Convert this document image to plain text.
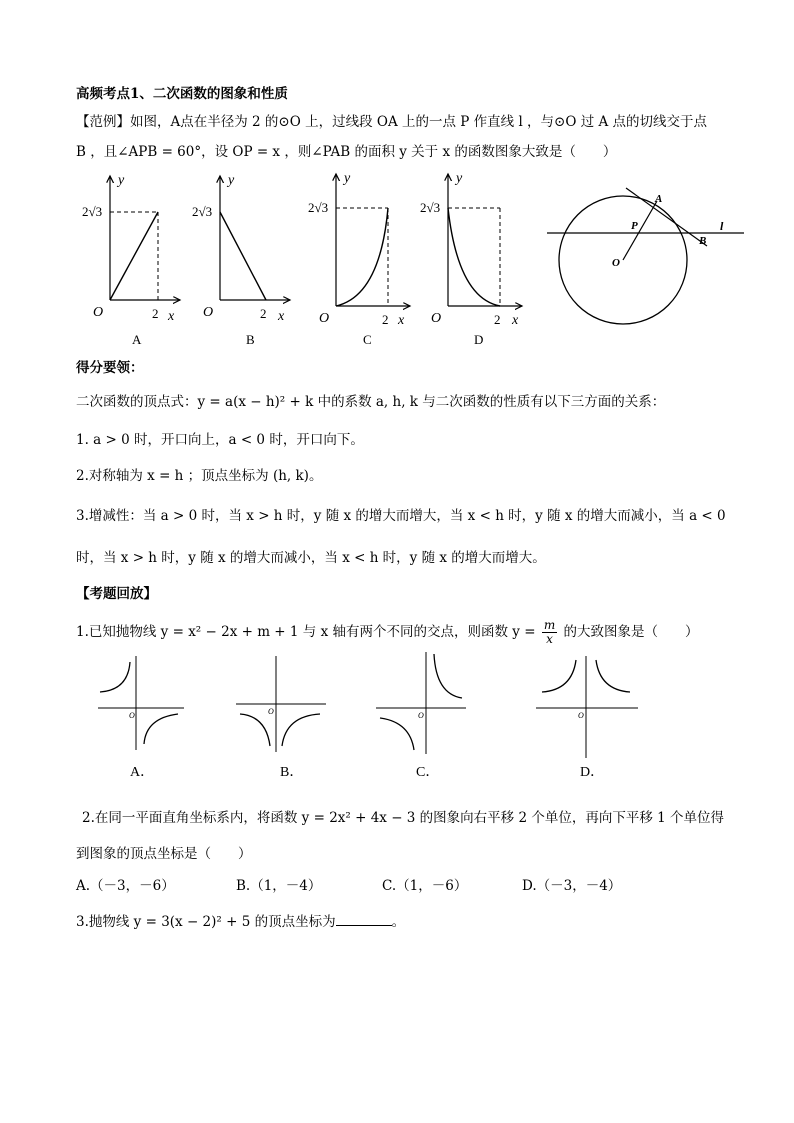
高频考点1、二次函数的图象和性质
【范例】如图，A点在半径为 2 的⊙O 上，过线段 OA 上的一点 P 作直线 l ，与⊙O 过 A 点的切线交于点
B ，且∠APB = 60°，设 OP = x ，则∠PAB 的面积 y 关于 x 的函数图象大致是（　　）
y
x
O	2
2√3
A
y
x
O	2
2√3
B
y
x
O	2
2√3
C
y
x
O	2
2√3
D
A
P
B
O
l
得分要领：
二次函数的顶点式：y = a(x − h)² + k 中的系数 a, h, k 与二次函数的性质有以下三方面的关系：
1. a > 0 时，开口向上，a < 0 时，开口向下。
2.对称轴为 x = h ；顶点坐标为 (h, k)。
3.增减性：当 a > 0 时，当 x > h 时，y 随 x 的增大而增大，当 x < h 时，y 随 x 的增大而减小，当 a < 0
时，当 x > h 时，y 随 x 的增大而减小，当 x < h 时，y 随 x 的增大而增大。
【考题回放】
1.已知抛物线 y = x² − 2x + m + 1 与 x 轴有两个不同的交点，则函数 $y = \frac{m}{x}$ 的大致图象是（　　）
O
A．
O
B．
O
C．
O
D．
2.在同一平面直角坐标系内，将函数 y = 2x² + 4x − 3 的图象向右平移 2 个单位，再向下平移 1 个单位得
到图象的顶点坐标是（　　）
A.（－3，－6）	B.（1，－4）	C.（1，－6）	D.（－3，－4）
3.抛物线 y = 3(x − 2)² + 5 的顶点坐标为	。
